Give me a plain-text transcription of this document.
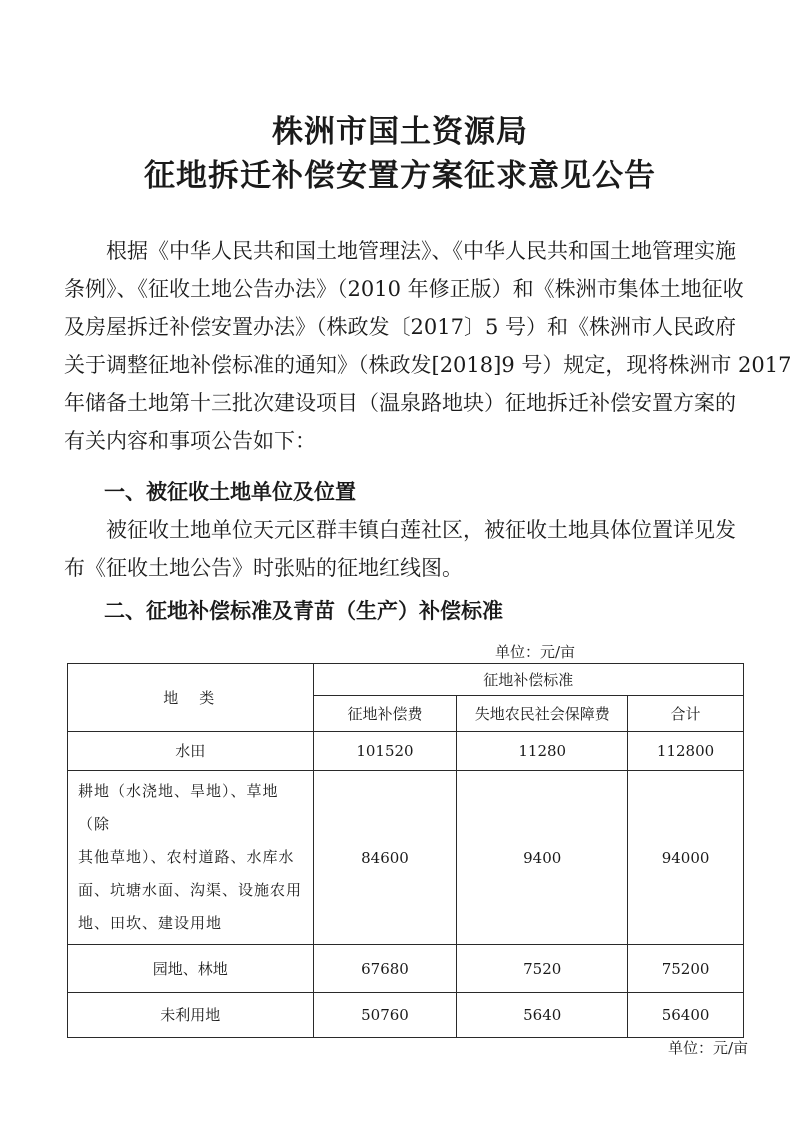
株洲市国土资源局
征地拆迁补偿安置方案征求意见公告
　　根据《中华人民共和国土地管理法》、《中华人民共和国土地管理实施
条例》、《征收土地公告办法》（2010 年修正版）和《株洲市集体土地征收
及房屋拆迁补偿安置办法》（株政发〔2017〕5 号）和《株洲市人民政府
关于调整征地补偿标准的通知》（株政发[2018]9 号）规定，现将株洲市 2017
年储备土地第十三批次建设项目（温泉路地块）征地拆迁补偿安置方案的
有关内容和事项公告如下：
一、被征收土地单位及位置
　　被征收土地单位天元区群丰镇白莲社区，被征收土地具体位置详见发
布《征收土地公告》时张贴的征地红线图。
二、征地补偿标准及青苗（生产）补偿标准
单位：元/亩
地　类	征地补偿标准		
	征地补偿费	失地农民社会保障费	合计
水田	101520	11280	112800

耕地（水浇地、旱地）、草地（除
其他草地）、农村道路、水库水
面、坑塘水面、沟渠、设施农用
地、田坎、建设用地	84600	9400	94000
园地、林地	67680	7520	75200
未利用地	50760	5640	56400
单位：元/亩
